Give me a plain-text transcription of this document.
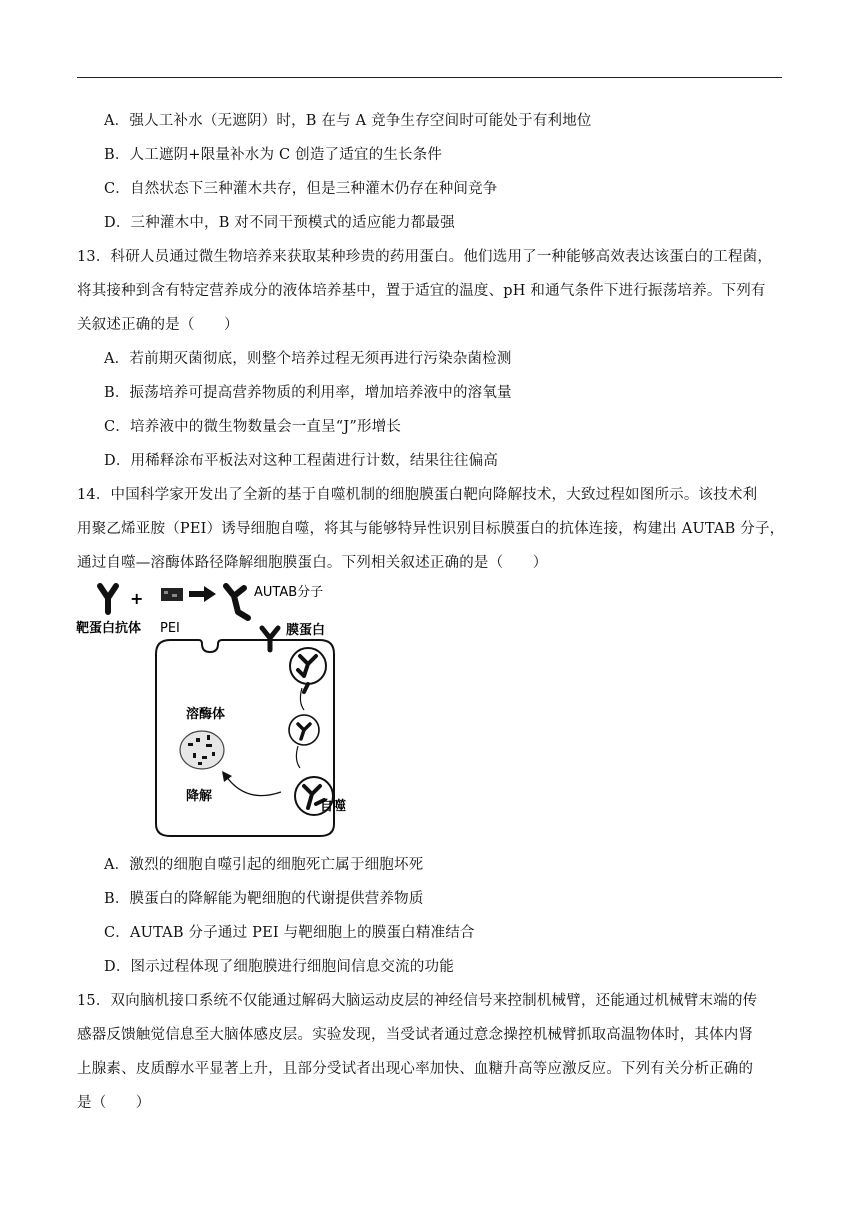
A．强人工补水（无遮阴）时，B 在与 A 竞争生存空间时可能处于有利地位
B．人工遮阴+限量补水为 C 创造了适宜的生长条件
C．自然状态下三种灌木共存，但是三种灌木仍存在种间竞争
D．三种灌木中，B 对不同干预模式的适应能力都最强
13．科研人员通过微生物培养来获取某种珍贵的药用蛋白。他们选用了一种能够高效表达该蛋白的工程菌，
将其接种到含有特定营养成分的液体培养基中，置于适宜的温度、pH 和通气条件下进行振荡培养。下列有
关叙述正确的是（　　）
A．若前期灭菌彻底，则整个培养过程无须再进行污染杂菌检测
B．振荡培养可提高营养物质的利用率，增加培养液中的溶氧量
C．培养液中的微生物数量会一直呈“J”形增长
D．用稀释涂布平板法对这种工程菌进行计数，结果往往偏高
14．中国科学家开发出了全新的基于自噬机制的细胞膜蛋白靶向降解技术，大致过程如图所示。该技术利
用聚乙烯亚胺（PEI）诱导细胞自噬，将其与能够特异性识别目标膜蛋白的抗体连接，构建出 AUTAB 分子，
通过自噬—溶酶体路径降解细胞膜蛋白。下列相关叙述正确的是（　　）
+	AUTAB分子
靶蛋白抗体 PEI	膜蛋白
自噬
溶酶体
降解
A．激烈的细胞自噬引起的细胞死亡属于细胞坏死
B．膜蛋白的降解能为靶细胞的代谢提供营养物质
C．AUTAB 分子通过 PEI 与靶细胞上的膜蛋白精准结合
D．图示过程体现了细胞膜进行细胞间信息交流的功能
15．双向脑机接口系统不仅能通过解码大脑运动皮层的神经信号来控制机械臂，还能通过机械臂末端的传
感器反馈触觉信息至大脑体感皮层。实验发现，当受试者通过意念操控机械臂抓取高温物体时，其体内肾
上腺素、皮质醇水平显著上升，且部分受试者出现心率加快、血糖升高等应激反应。下列有关分析正确的
是（　　）
